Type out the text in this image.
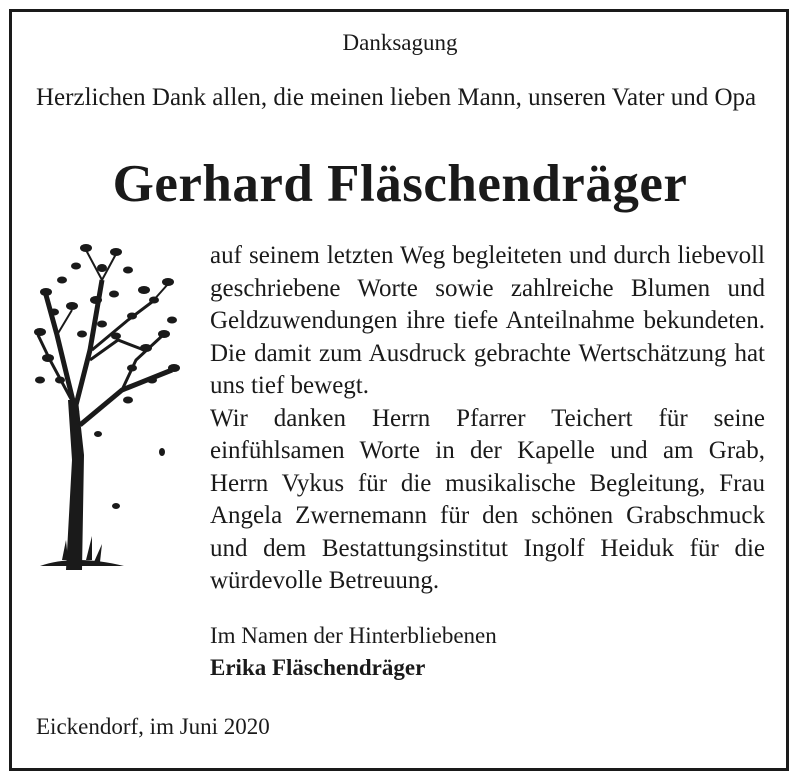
Danksagung
Herzlichen Dank allen, die meinen lieben Mann, unseren Vater und Opa
Gerhard Fläschendräger

auf seinem letzten Weg begleiteten und durch liebevoll geschriebene Worte sowie zahlreiche Blumen und Geldzuwendungen ihre tiefe Anteilnahme bekundeten. Die damit zum Ausdruck gebrachte Wertschätzung hat uns tief bewegt.

Wir danken Herrn Pfarrer Teichert für seine einfühlsamen Worte in der Kapelle und am Grab, Herrn Vykus für die musikalische Begleitung, Frau Angela Zwernemann für den schönen Grabschmuck und dem Bestattungsinstitut Ingolf Heiduk für die würdevolle Betreuung.

Im Namen der Hinterbliebenen
Erika Fläschendräger
Eickendorf, im Juni 2020
